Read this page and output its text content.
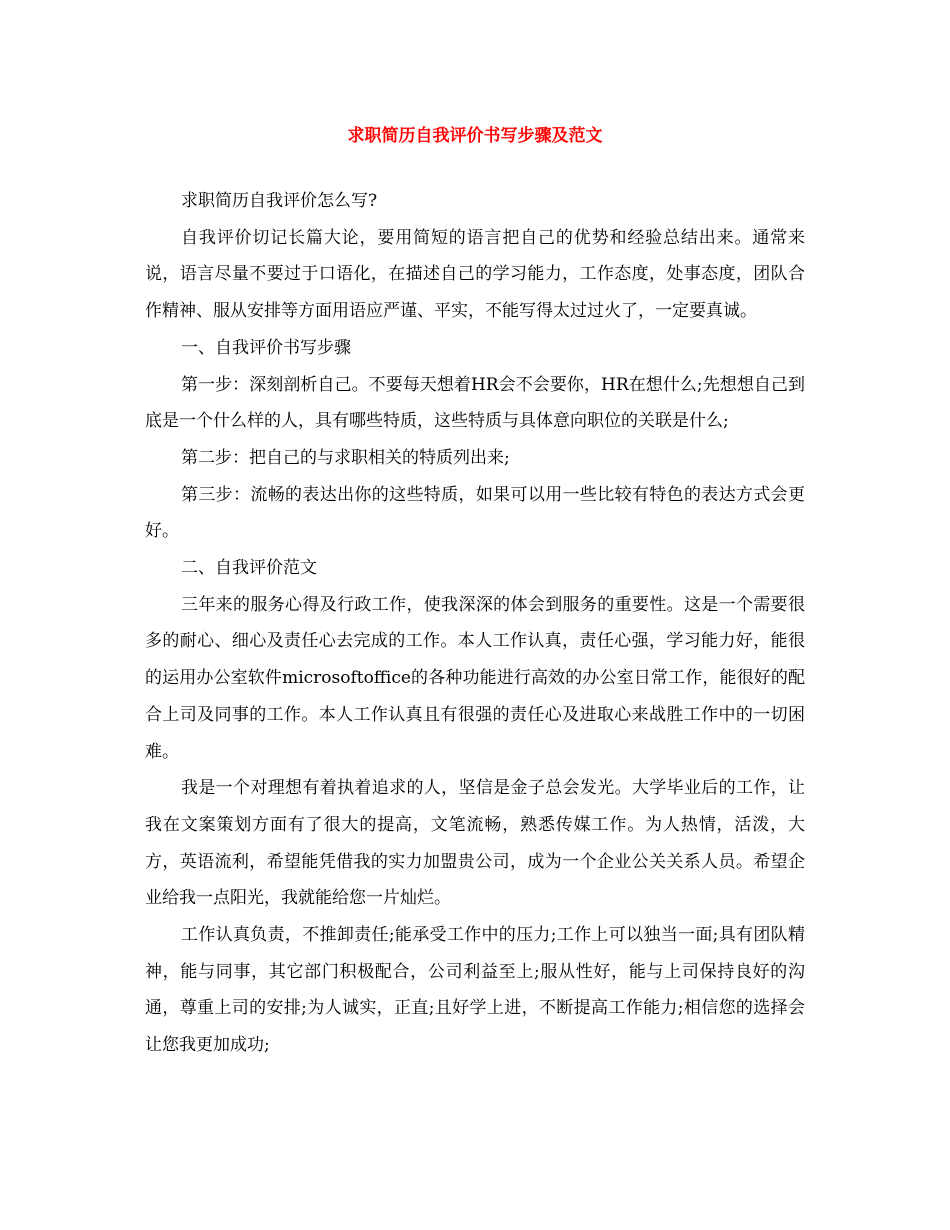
求职简历自我评价书写步骤及范文

求职简历自我评价怎么写?

自我评价切记长篇大论，要用简短的语言把自己的优势和经验总结出来。通常来说，语言尽量不要过于口语化，在描述自己的学习能力，工作态度，处事态度，团队合作精神、服从安排等方面用语应严谨、平实，不能写得太过过火了，一定要真诚。

一、自我评价书写步骤

第一步：深刻剖析自己。不要每天想着HR会不会要你，HR在想什么;先想想自己到底是一个什么样的人，具有哪些特质，这些特质与具体意向职位的关联是什么;

第二步：把自己的与求职相关的特质列出来;

第三步：流畅的表达出你的这些特质，如果可以用一些比较有特色的表达方式会更好。

二、自我评价范文

三年来的服务心得及行政工作，使我深深的体会到服务的重要性。这是一个需要很多的耐心、细心及责任心去完成的工作。本人工作认真，责任心强，学习能力好，能很的运用办公室软件microsoftoffice的各种功能进行高效的办公室日常工作，能很好的配合上司及同事的工作。本人工作认真且有很强的责任心及进取心来战胜工作中的一切困难。

我是一个对理想有着执着追求的人，坚信是金子总会发光。大学毕业后的工作，让我在文案策划方面有了很大的提高，文笔流畅，熟悉传媒工作。为人热情，活泼，大方，英语流利，希望能凭借我的实力加盟贵公司，成为一个企业公关关系人员。希望企业给我一点阳光，我就能给您一片灿烂。

工作认真负责，不推卸责任;能承受工作中的压力;工作上可以独当一面;具有团队精神，能与同事，其它部门积极配合，公司利益至上;服从性好，能与上司保持良好的沟通，尊重上司的安排;为人诚实，正直;且好学上进，不断提高工作能力;相信您的选择会让您我更加成功;
